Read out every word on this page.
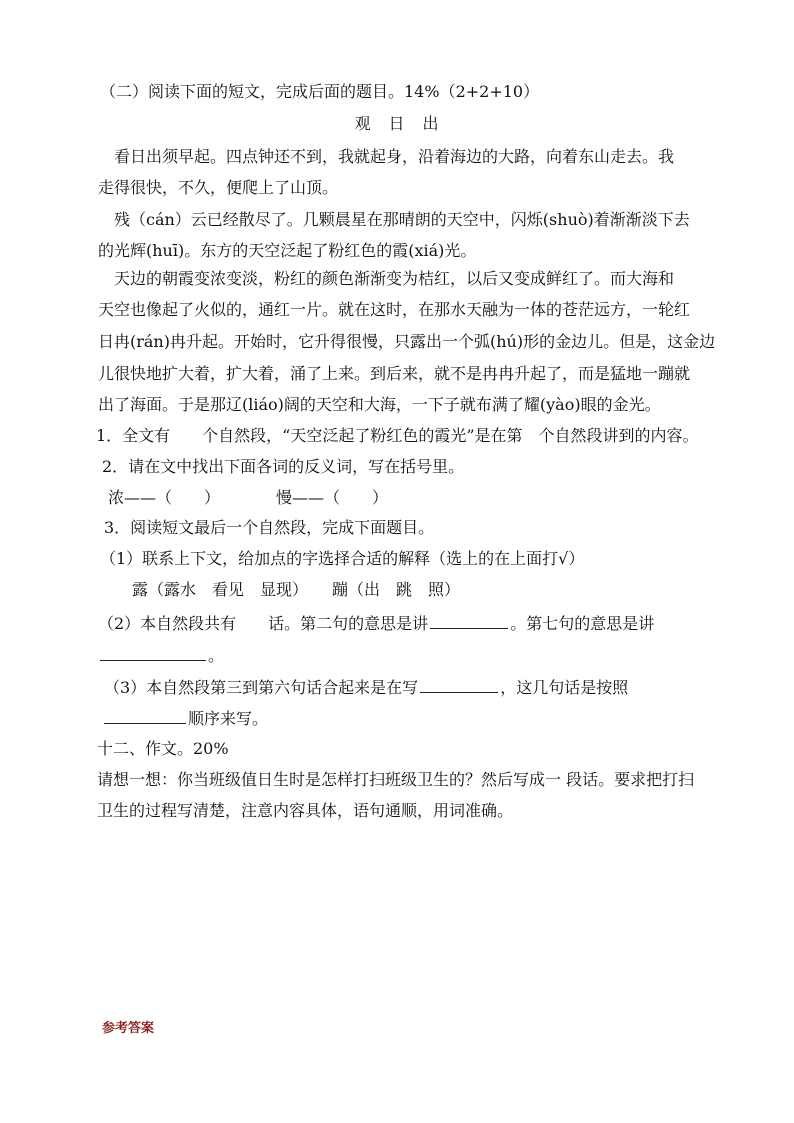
（二）阅读下面的短文，完成后面的题目。14%（2+2+10）
观　日　出
　看日出须早起。四点钟还不到，我就起身，沿着海边的大路，向着东山走去。我
走得很快，不久，便爬上了山顶。
　残（cán）云已经散尽了。几颗晨星在那晴朗的天空中，闪烁(shuò)着渐渐淡下去
的光辉(huī)。东方的天空泛起了粉红色的霞(xiá)光。
　天边的朝霞变浓变淡，粉红的颜色渐渐变为桔红，以后又变成鲜红了。而大海和
天空也像起了火似的，通红一片。就在这时，在那水天融为一体的苍茫远方，一轮红
日冉(rán)冉升起。开始时，它升得很慢，只露出一个弧(hú)形的金边儿。但是，这金边
儿很快地扩大着，扩大着，涌了上来。到后来，就不是冉冉升起了，而是猛地一蹦就
出了海面。于是那辽(liáo)阔的天空和大海，一下子就布满了耀(yào)眼的金光。
1．全文有　　个自然段，“天空泛起了粉红色的霞光”是在第　个自然段讲到的内容。
2．请在文中找出下面各词的反义词，写在括号里。
浓——（　　）　　　　慢——（　　）
3．阅读短文最后一个自然段，完成下面题目。
（1）联系上下文，给加点的字选择合适的解释（选上的在上面打√）
露（露水　看见　显现）　　蹦（出　跳　照）
（2）本自然段共有　　话。第二句的意思是讲	。第七句的意思是讲
。
（3）本自然段第三到第六句话合起来是在写	，这几句话是按照
顺序来写。
十二、作文。20%
请想一想：你当班级值日生时是怎样打扫班级卫生的？然后写成一 段话。要求把打扫
卫生的过程写清楚，注意内容具体，语句通顺，用词准确。
参考答案
